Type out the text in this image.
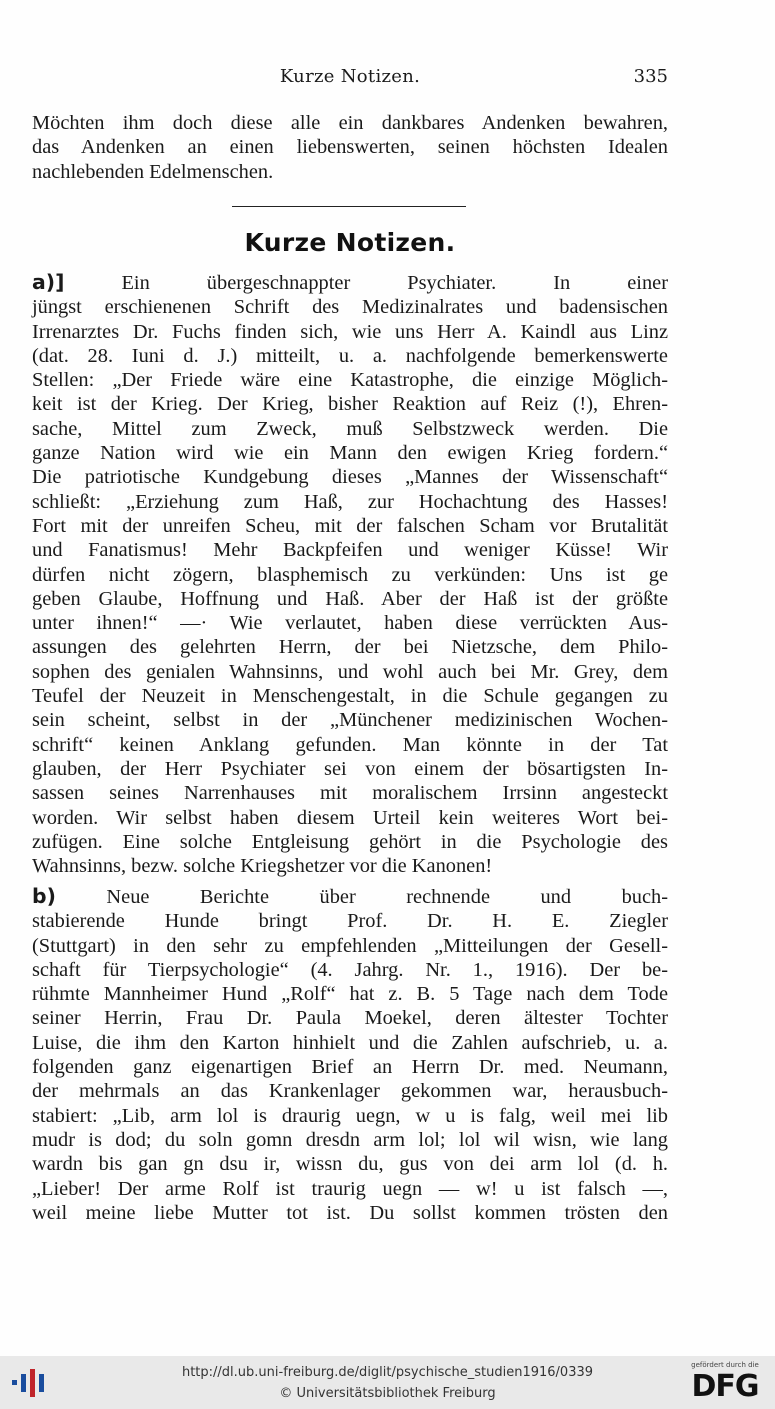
Kurze Notizen.	335

Möchten ihm doch diese alle ein dankbares Andenken bewahren,

das Andenken an einen liebenswerten, seinen höchsten Idealen

nachlebenden Edelmenschen.

Kurze Notizen.

a)]	Ein übergeschnappter Psychiater. In einer

jüngst erschienenen Schrift des Medizinalrates und badensischen

Irrenarztes Dr. Fuchs finden sich, wie uns Herr A. Kaindl aus Linz

(dat. 28. Iuni d. J.) mitteilt, u. a. nachfolgende bemerkenswerte

Stellen: „Der Friede wäre eine Katastrophe, die einzige Möglich-

keit ist der Krieg. Der Krieg, bisher Reaktion auf Reiz (!), Ehren-

sache, Mittel zum Zweck, muß Selbstzweck werden. Die

ganze Nation wird wie ein Mann den ewigen Krieg fordern.“

Die patriotische Kundgebung dieses „Mannes der Wissenschaft“

schließt: „Erziehung zum Haß, zur Hochachtung des Hasses!

Fort mit der unreifen Scheu, mit der falschen Scham vor Brutalität

und Fanatismus! Mehr Backpfeifen und weniger Küsse! Wir

dürfen nicht zögern, blasphemisch zu verkünden: Uns ist ge

geben Glaube, Hoffnung und Haß. Aber der Haß ist der größte

unter ihnen!“ —· Wie verlautet, haben diese verrückten Aus-

assungen des gelehrten Herrn, der bei Nietzsche, dem Philo-

sophen des genialen Wahnsinns, und wohl auch bei Mr. Grey, dem

Teufel der Neuzeit in Menschengestalt, in die Schule gegangen zu

sein scheint, selbst in der „Münchener medizinischen Wochen-

schrift“ keinen Anklang gefunden. Man könnte in der Tat

glauben, der Herr Psychiater sei von einem der bösartigsten In-

sassen seines Narrenhauses mit moralischem Irrsinn angesteckt

worden. Wir selbst haben diesem Urteil kein weiteres Wort bei-

zufügen. Eine solche Entgleisung gehört in die Psychologie des

Wahnsinns, bezw. solche Kriegshetzer vor die Kanonen!

b) Neue Berichte über rechnende und buch-

stabierende Hunde bringt Prof. Dr. H. E. Ziegler

(Stuttgart) in den sehr zu empfehlenden „Mitteilungen der Gesell-

schaft für Tierpsychologie“ (4. Jahrg. Nr. 1., 1916). Der be-

rühmte Mannheimer Hund „Rolf“ hat z. B. 5 Tage nach dem Tode

seiner Herrin, Frau Dr. Paula Moekel, deren ältester Tochter

Luise, die ihm den Karton hinhielt und die Zahlen aufschrieb, u. a.

folgenden ganz eigenartigen Brief an Herrn Dr. med. Neumann,

der mehrmals an das Krankenlager gekommen war, herausbuch-

stabiert: „Lib, arm lol is draurig uegn, w u is falg, weil mei lib

mudr is dod; du soln gomn dresdn arm lol; lol wil wisn, wie lang

wardn bis gan gn dsu ir, wissn du, gus von dei arm lol (d. h.

„Lieber! Der arme Rolf ist traurig uegn — w! u ist falsch —,

weil meine liebe Mutter tot ist. Du sollst kommen trösten den

http://dl.ub.uni-freiburg.de/diglit/psychische_studien1916/0339
© Universitätsbibliothek Freiburg
gefördert durch die
DFG
